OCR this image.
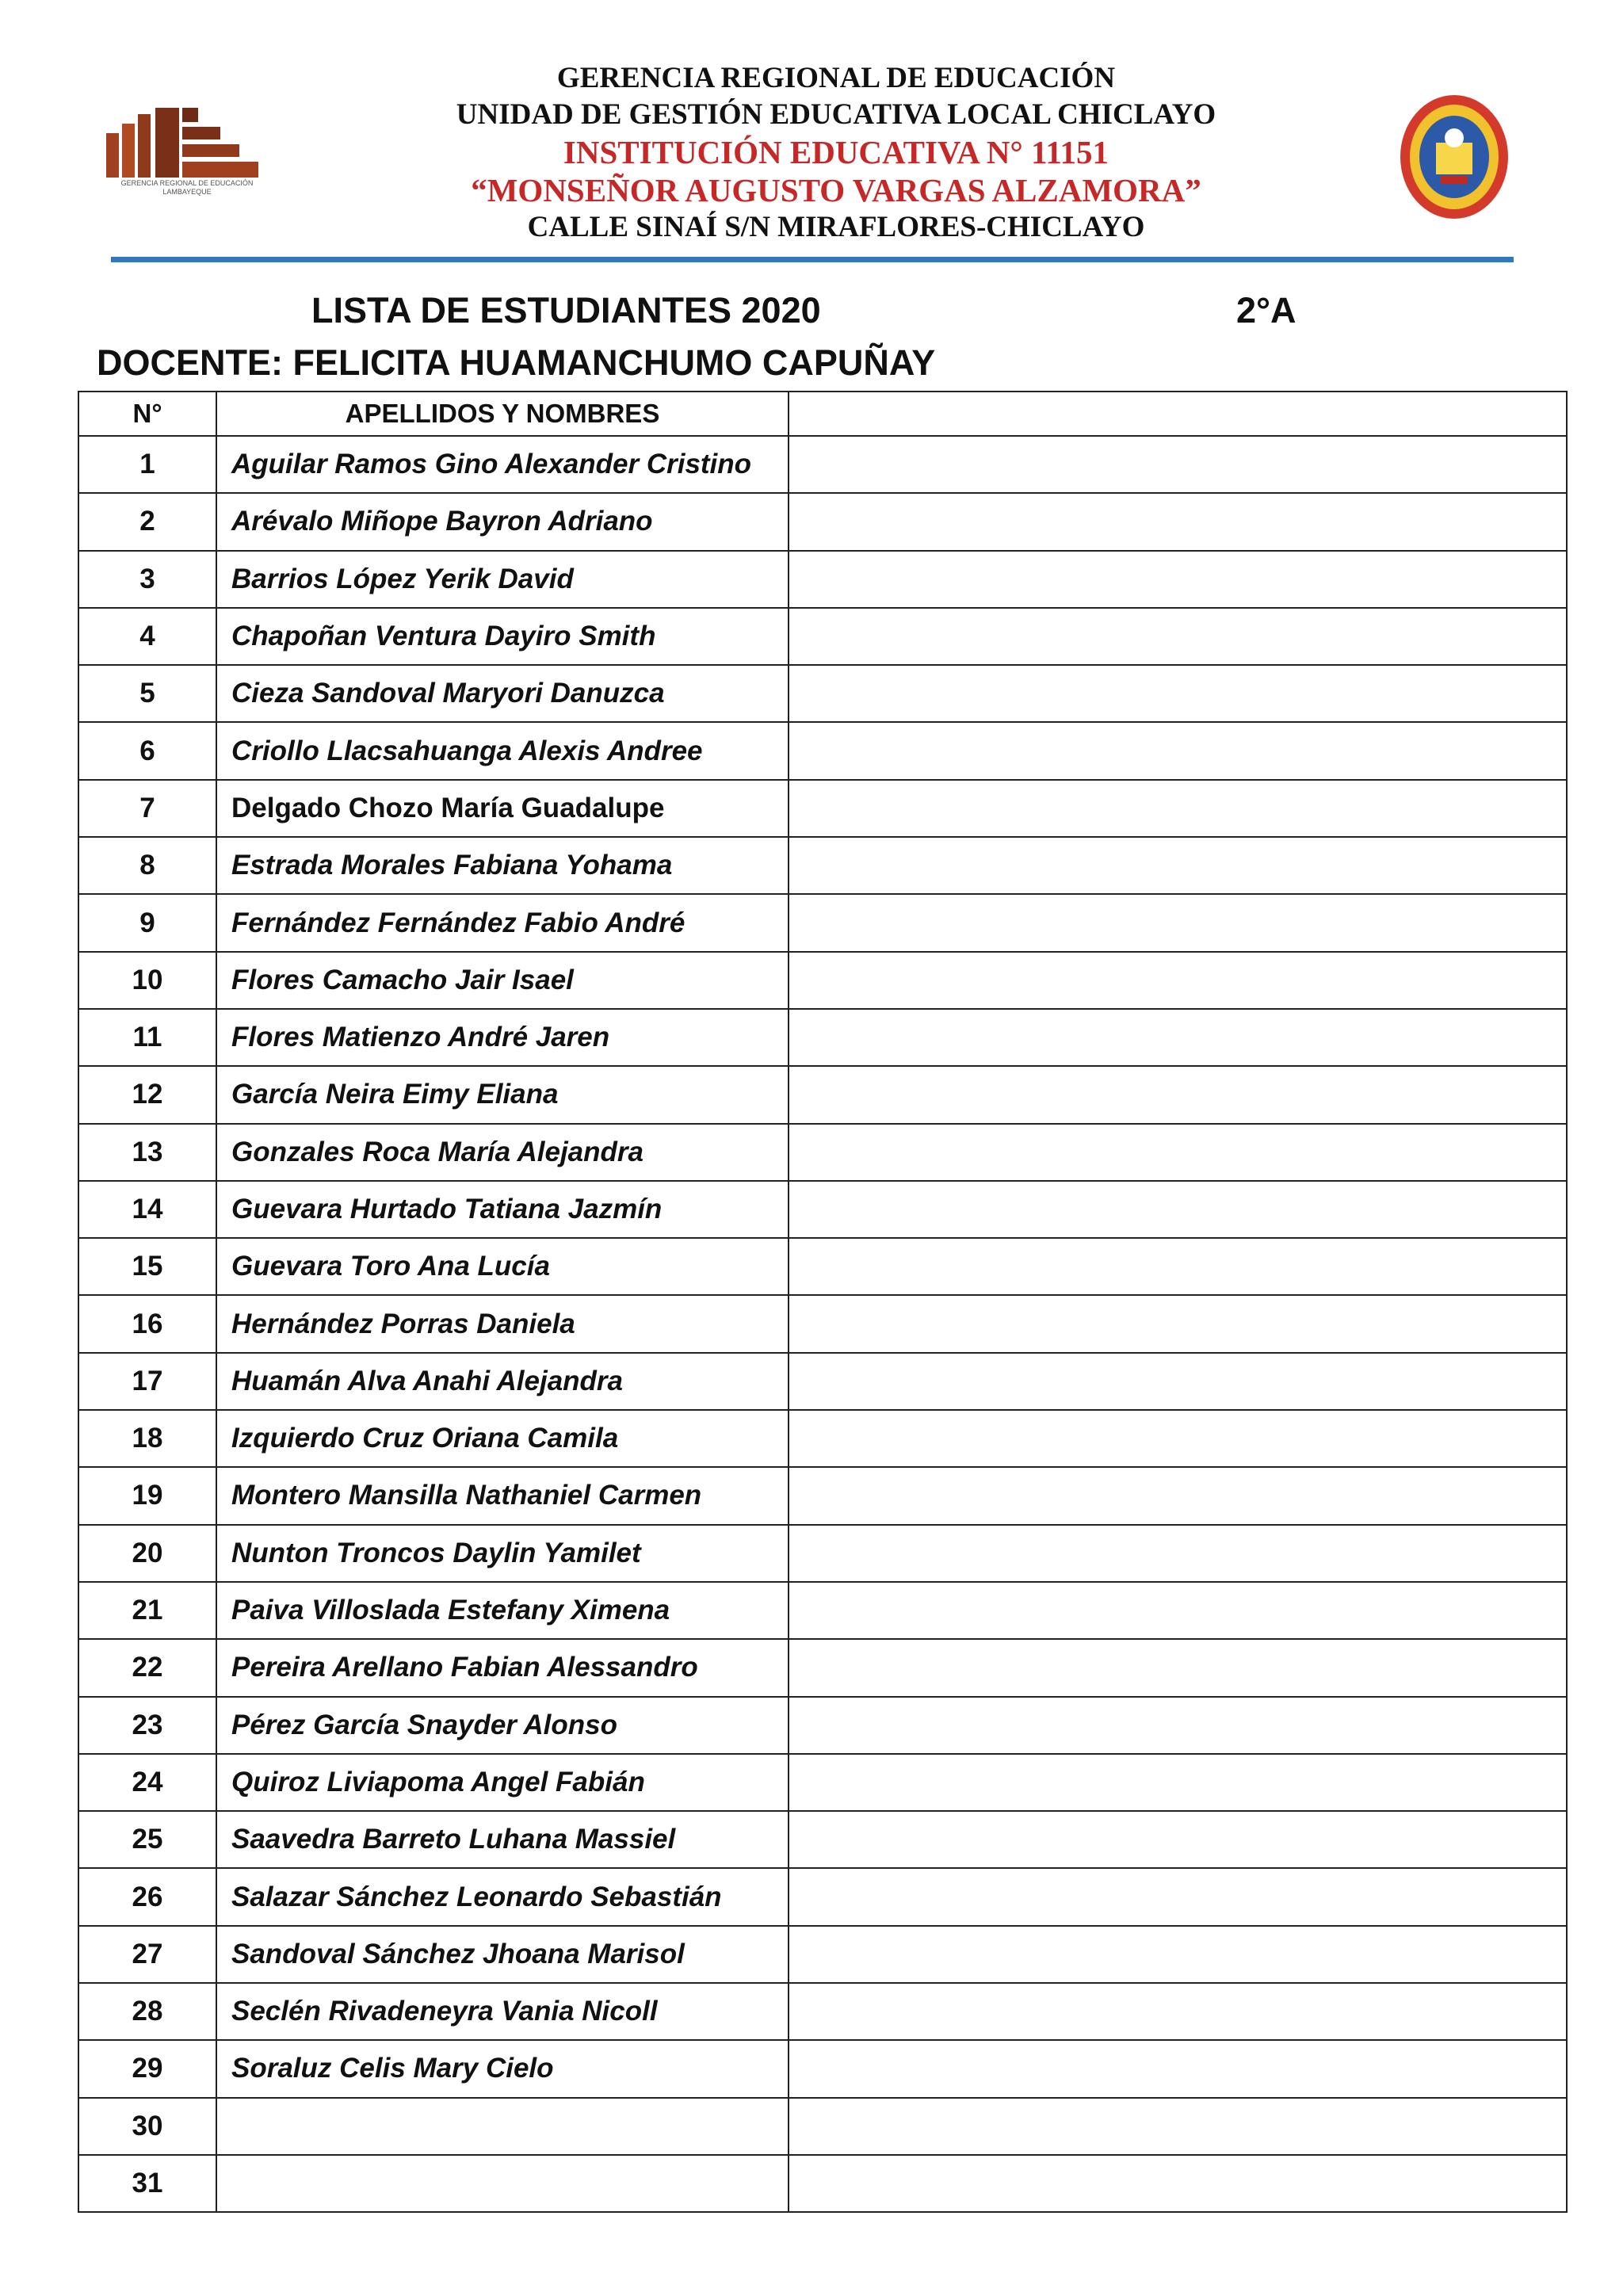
GERENCIA REGIONAL DE EDUCACIÓN LAMBAYEQUE
GERENCIA REGIONAL DE EDUCACIÓN
UNIDAD DE GESTIÓN EDUCATIVA LOCAL CHICLAYO
INSTITUCIÓN EDUCATIVA N° 11151
“MONSEÑOR AUGUSTO VARGAS ALZAMORA”
CALLE SINAÍ S/N MIRAFLORES-CHICLAYO
LISTA DE ESTUDIANTES 2020	2°A
DOCENTE: FELICITA HUAMANCHUMO CAPUÑAY
N°	APELLIDOS Y NOMBRES	
1	Aguilar Ramos Gino Alexander Cristino	
2	Arévalo Miñope Bayron Adriano	
3	Barrios López Yerik David	
4	Chapoñan Ventura Dayiro Smith	
5	Cieza Sandoval Maryori Danuzca	
6	Criollo Llacsahuanga Alexis Andree	
7	Delgado Chozo María Guadalupe	
8	Estrada Morales Fabiana Yohama	
9	Fernández Fernández Fabio André	
10	Flores Camacho Jair Isael	
11	Flores Matienzo André Jaren	
12	García Neira Eimy Eliana	
13	Gonzales Roca María Alejandra	
14	Guevara Hurtado Tatiana Jazmín	
15	Guevara Toro Ana Lucía	
16	Hernández Porras Daniela	
17	Huamán Alva Anahi Alejandra	
18	Izquierdo Cruz Oriana Camila	
19	Montero Mansilla Nathaniel Carmen	
20	Nunton Troncos Daylin Yamilet	
21	Paiva Villoslada Estefany Ximena	
22	Pereira Arellano Fabian Alessandro	
23	Pérez García Snayder Alonso	
24	Quiroz Liviapoma Angel Fabián	
25	Saavedra Barreto Luhana Massiel	
26	Salazar Sánchez Leonardo Sebastián	
27	Sandoval Sánchez Jhoana Marisol	
28	Seclén Rivadeneyra Vania Nicoll	
29	Soraluz Celis Mary Cielo	
30		
31		
